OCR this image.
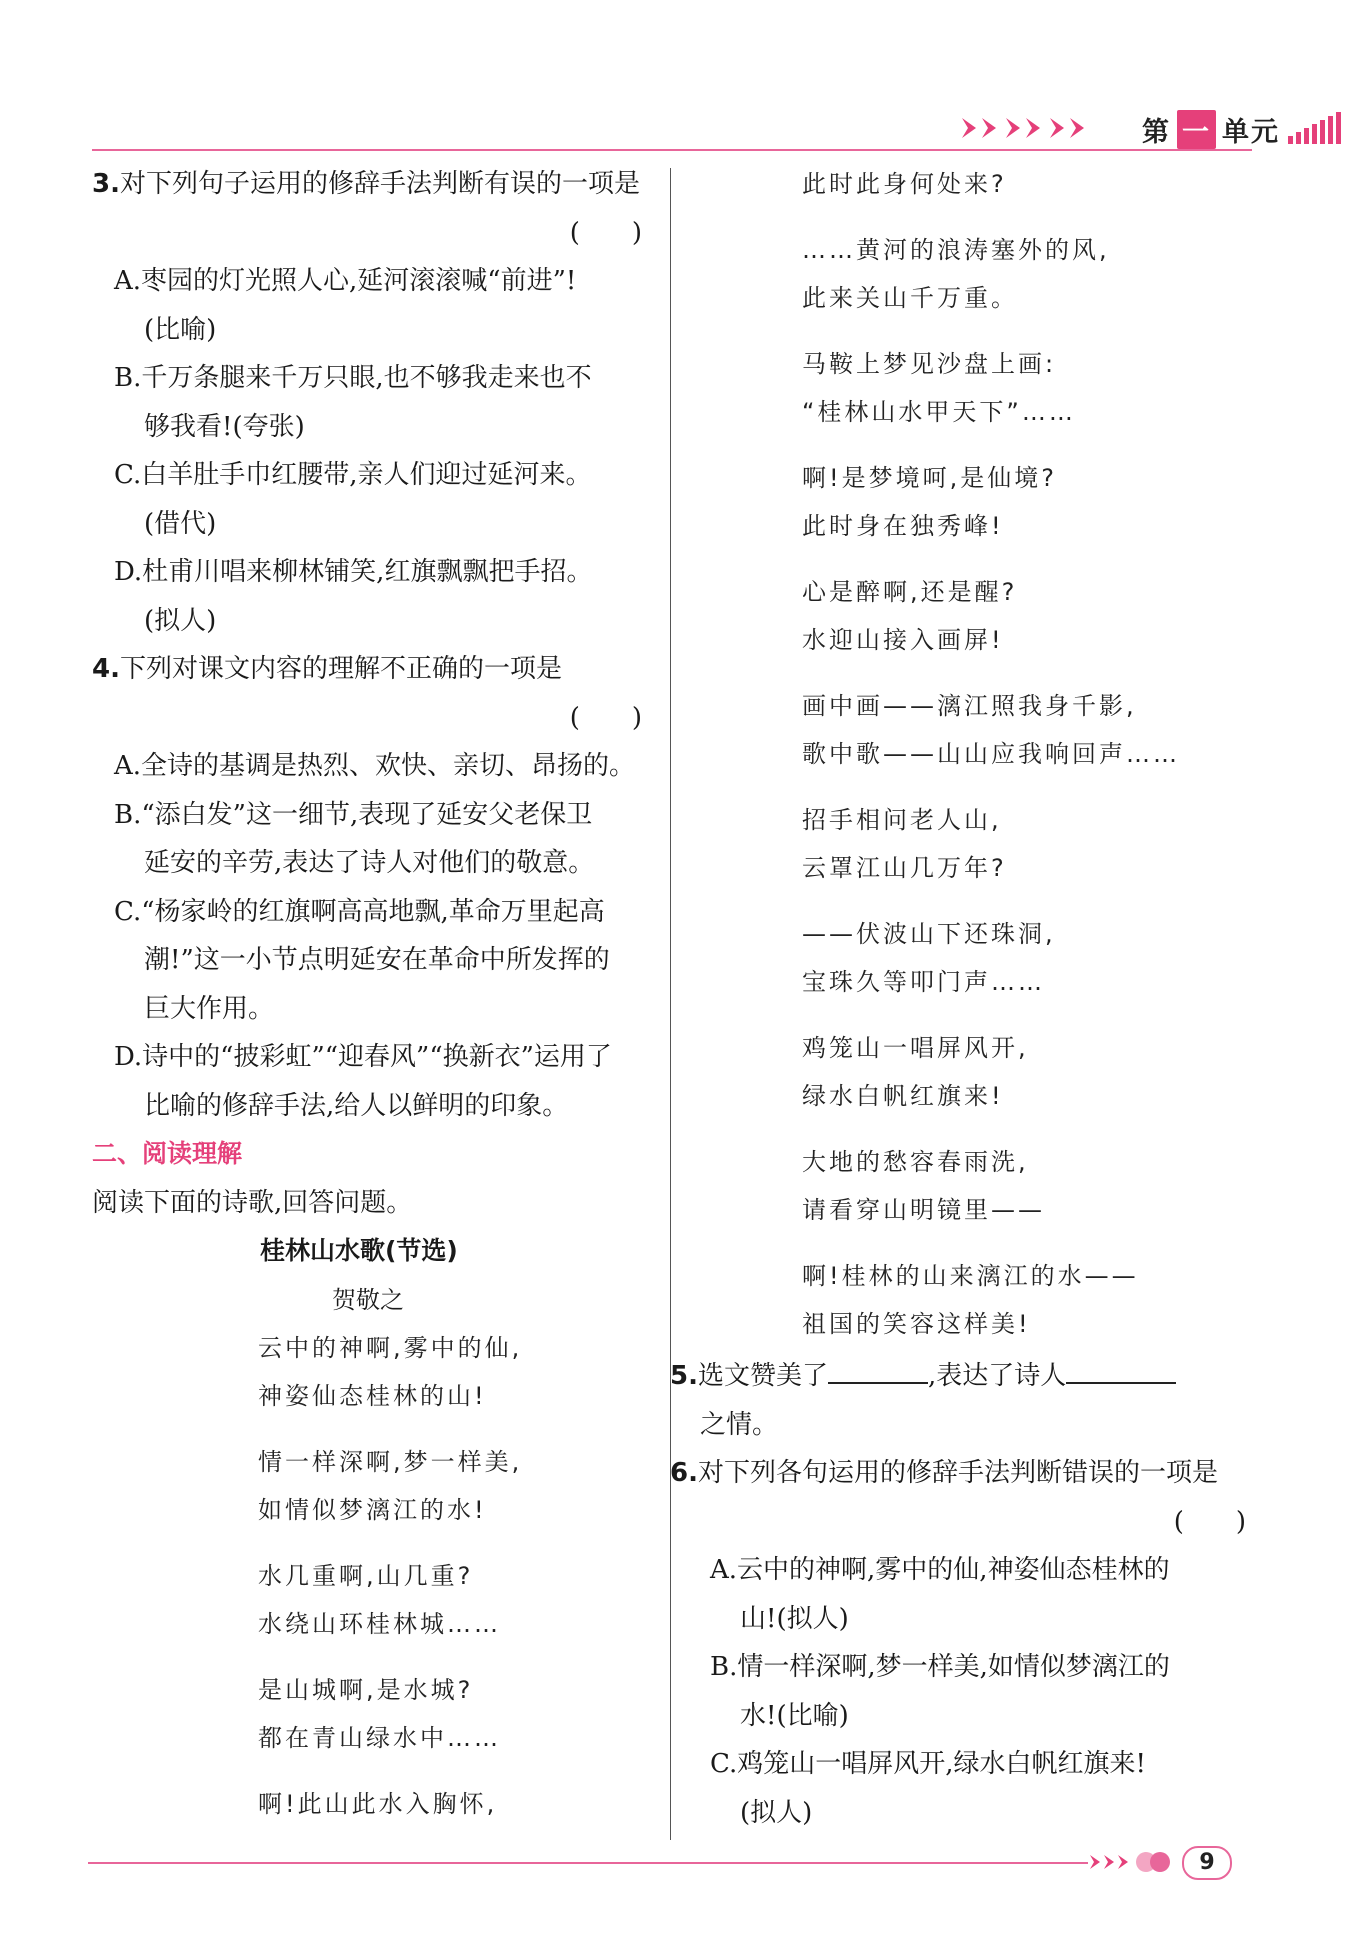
第 一 单元
3.对下列句子运用的修辞手法判断有误的一项是
(　　)
A.枣园的灯光照人心,延河滚滚喊“前进”!
(比喻)
B.千万条腿来千万只眼,也不够我走来也不
够我看!(夸张)
C.白羊肚手巾红腰带,亲人们迎过延河来。
(借代)
D.杜甫川唱来柳林铺笑,红旗飘飘把手招。
(拟人)
4.下列对课文内容的理解不正确的一项是
(　　)
A.全诗的基调是热烈、欢快、亲切、昂扬的。
B.“添白发”这一细节,表现了延安父老保卫
延安的辛劳,表达了诗人对他们的敬意。
C.“杨家岭的红旗啊高高地飘,革命万里起高
潮!”这一小节点明延安在革命中所发挥的
巨大作用。
D.诗中的“披彩虹”“迎春风”“换新衣”运用了
比喻的修辞手法,给人以鲜明的印象。
二、阅读理解
阅读下面的诗歌,回答问题。
桂林山水歌(节选)
贺敬之
云中的神啊,雾中的仙,
神姿仙态桂林的山!
情一样深啊,梦一样美,
如情似梦漓江的水!
水几重啊,山几重?
水绕山环桂林城……
是山城啊,是水城?
都在青山绿水中……
啊!此山此水入胸怀,
此时此身何处来?
……黄河的浪涛塞外的风,
此来关山千万重。
马鞍上梦见沙盘上画:
“桂林山水甲天下”……
啊!是梦境呵,是仙境?
此时身在独秀峰!
心是醉啊,还是醒?
水迎山接入画屏!
画中画——漓江照我身千影,
歌中歌——山山应我响回声……
招手相问老人山,
云罩江山几万年?
——伏波山下还珠洞,
宝珠久等叩门声……
鸡笼山一唱屏风开,
绿水白帆红旗来!
大地的愁容春雨洗,
请看穿山明镜里——
啊!桂林的山来漓江的水——
祖国的笑容这样美!
5.选文赞美了	,表达了诗人
之情。
6.对下列各句运用的修辞手法判断错误的一项是
(　　)
A.云中的神啊,雾中的仙,神姿仙态桂林的
山!(拟人)
B.情一样深啊,梦一样美,如情似梦漓江的
水!(比喻)
C.鸡笼山一唱屏风开,绿水白帆红旗来!
(拟人)
9
